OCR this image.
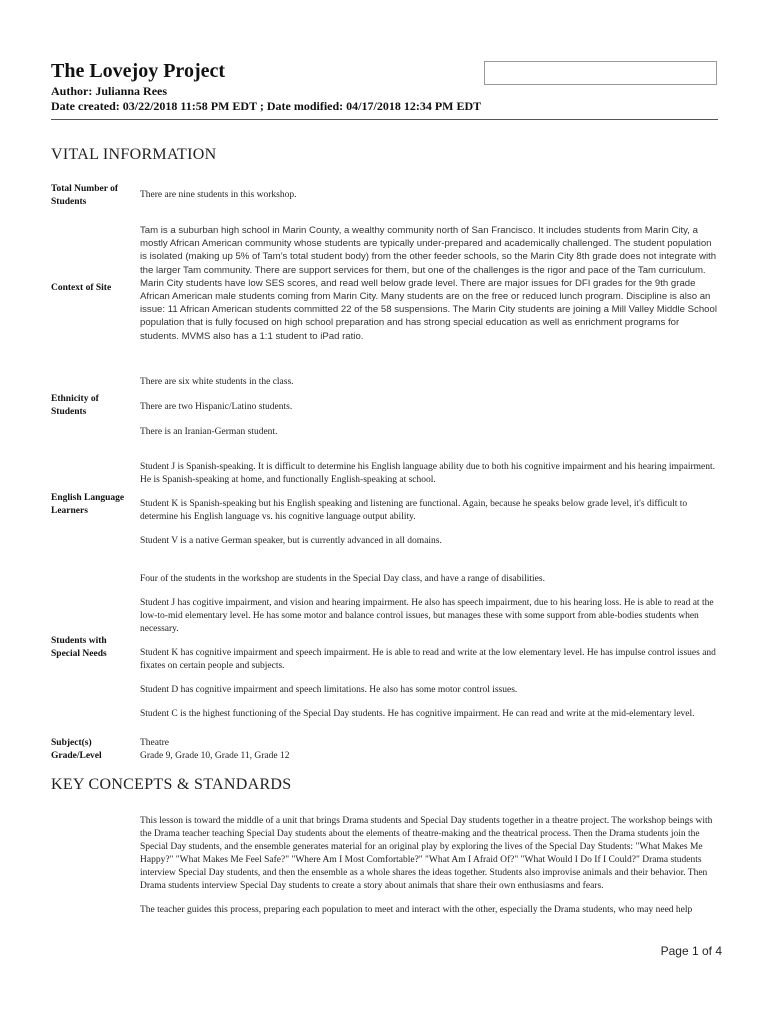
The Lovejoy Project
Author: Julianna Rees
Date created: 03/22/2018 11:58 PM EDT ; Date modified: 04/17/2018 12:34 PM EDT
VITAL INFORMATION
Total Number of Students

There are nine students in this workshop.

Context of Site

Tam is a suburban high school in Marin County, a wealthy community north of San Francisco. It includes students from Marin City, a mostly African American community whose students are typically under-prepared and academically challenged. The student population is isolated (making up 5% of Tam’s total student body) from the other feeder schools, so the Marin City 8th grade does not integrate with the larger Tam community. There are support services for them, but one of the challenges is the rigor and pace of the Tam curriculum. Marin City students have low SES scores, and read well below grade level. There are major issues for DFI grades for the 9th grade African American male students coming from Marin City. Many students are on the free or reduced lunch program. Discipline is also an issue: 11 African American students committed 22 of the 58 suspensions. The Marin City students are joining a Mill Valley Middle School population that is fully focused on high school preparation and has strong special education as well as enrichment programs for students. MVMS also has a 1:1 student to iPad ratio.

Ethnicity of Students

There are six white students in the class.

There are two Hispanic/Latino students.

There is an Iranian-German student.

English Language Learners

Student J is Spanish-speaking. It is difficult to determine his English language ability due to both his cognitive impairment and his hearing impairment. He is Spanish-speaking at home, and functionally English-speaking at school.

Student K is Spanish-speaking but his English speaking and listening are functional. Again, because he speaks below grade level, it's difficult to determine his English language vs. his cognitive language output ability.

Student V is a native German speaker, but is currently advanced in all domains.

Students with Special Needs

Four of the students in the workshop are students in the Special Day class, and have a range of disabilities.

Student J has cogitive impairment, and vision and hearing impairment. He also has speech impairment, due to his hearing loss. He is able to read at the low-to-mid elementary level. He has some motor and balance control issues, but manages these with some support from able-bodies students when necessary.

Student K has cognitive impairment and speech impairment. He is able to read and write at the low elementary level. He has impulse control issues and fixates on certain people and subjects.

Student D has cognitive impairment and speech limitations. He also has some motor control issues.

Student C is the highest functioning of the Special Day students. He has cognitive impairment. He can read and write at the mid-elementary level.

Subject(s)	Theatre
Grade/Level	Grade 9, Grade 10, Grade 11, Grade 12
KEY CONCEPTS & STANDARDS

This lesson is toward the middle of a unit that brings Drama students and Special Day students together in a theatre project. The workshop beings with the Drama teacher teaching Special Day students about the elements of theatre-making and the theatrical process. Then the Drama students join the Special Day students, and the ensemble generates material for an original play by exploring the lives of the Special Day Students: "What Makes Me Happy?" "What Makes Me Feel Safe?" "Where Am I Most Comfortable?" "What Am I Afraid Of?" "What Would I Do If I Could?" Drama students interview Special Day students, and then the ensemble as a whole shares the ideas together. Students also improvise animals and their behavior. Then Drama students interview Special Day students to create a story about animals that share their own enthusiasms and fears.

The teacher guides this process, preparing each population to meet and interact with the other, especially the Drama students, who may need help

Page 1 of 4
